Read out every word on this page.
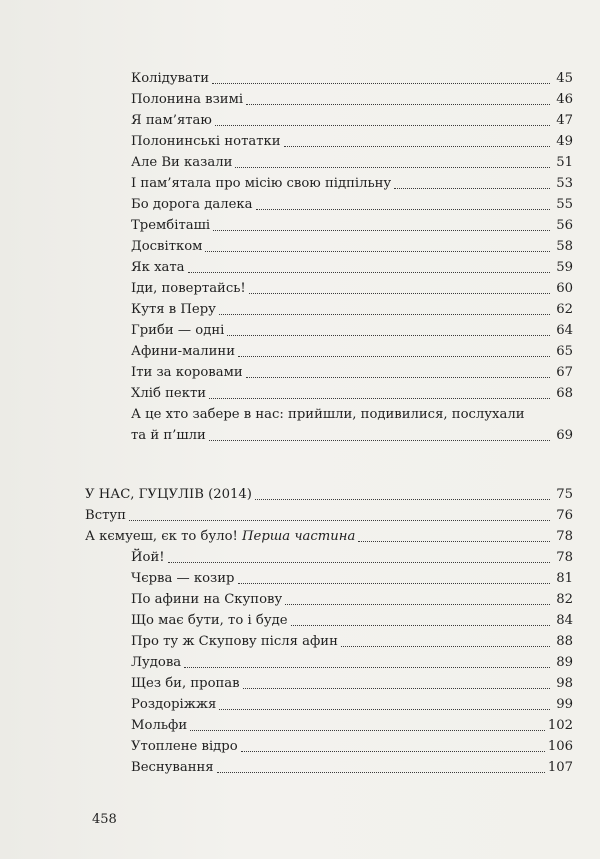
Колідувати	45
Полонина взимі	46
Я пам’ятаю	47
Полонинські нотатки	49
Але Ви казали	51
І пам’ятала про місію свою підпільну	53
Бо дорога далека	55
Трембіташі	56
Досвітком	58
Як хата	59
Іди, повертайсь!	60
Кутя в Перу	62
Гриби — одні	64
Афини-малини	65
Іти за коровами	67
Хліб пекти	68
А це хто забере в нас: прийшли, подивилися, послухали
та й п’шли	69
У НАС, ГУЦУЛІВ (2014)	75
Вступ	76
А кємуеш, єк то було! Перша частина	78
Йой!	78
Чєрва — козир	81
По афини на Скупову	82
Що має бути, то і буде	84
Про ту ж Скупову після афин	88
Лудова	89
Щез би, пропав	98
Роздоріжжя	99
Мольфи	102
Утоплене відро	106
Веснування	107
458
